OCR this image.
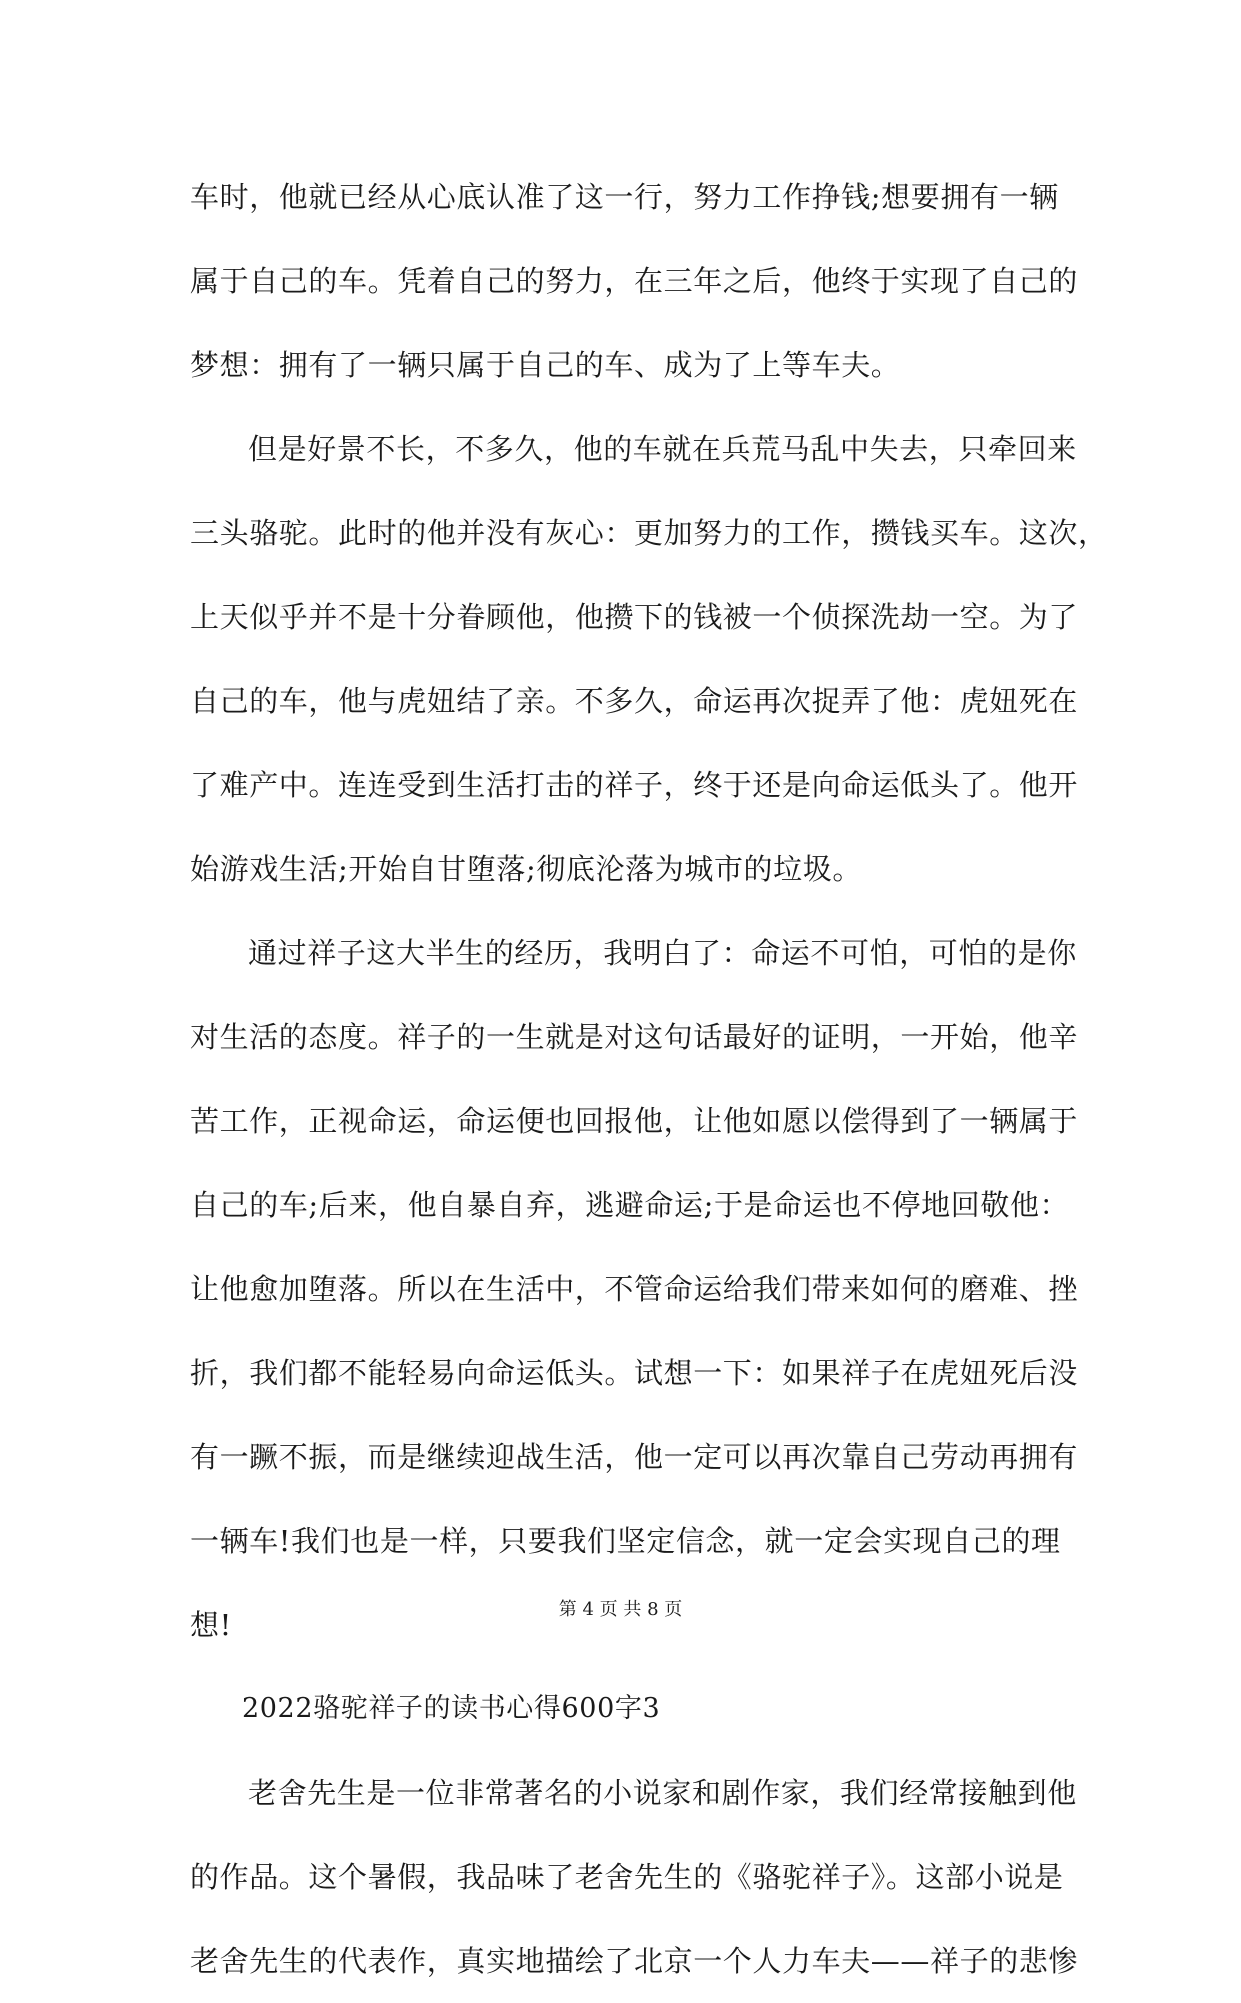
车时，他就已经从心底认准了这一行，努力工作挣钱;想要拥有一辆
属于自己的车。凭着自己的努力，在三年之后，他终于实现了自己的
梦想：拥有了一辆只属于自己的车、成为了上等车夫。
但是好景不长，不多久，他的车就在兵荒马乱中失去，只牵回来
三头骆驼。此时的他并没有灰心：更加努力的工作，攒钱买车。这次，
上天似乎并不是十分眷顾他，他攒下的钱被一个侦探洗劫一空。为了
自己的车，他与虎妞结了亲。不多久，命运再次捉弄了他：虎妞死在
了难产中。连连受到生活打击的祥子，终于还是向命运低头了。他开
始游戏生活;开始自甘堕落;彻底沦落为城市的垃圾。
通过祥子这大半生的经历，我明白了：命运不可怕，可怕的是你
对生活的态度。祥子的一生就是对这句话最好的证明，一开始，他辛
苦工作，正视命运，命运便也回报他，让他如愿以偿得到了一辆属于
自己的车;后来，他自暴自弃，逃避命运;于是命运也不停地回敬他：
让他愈加堕落。所以在生活中，不管命运给我们带来如何的磨难、挫
折，我们都不能轻易向命运低头。试想一下：如果祥子在虎妞死后没
有一蹶不振，而是继续迎战生活，他一定可以再次靠自己劳动再拥有
一辆车!我们也是一样，只要我们坚定信念，就一定会实现自己的理
想!
2022骆驼祥子的读书心得600字3
老舍先生是一位非常著名的小说家和剧作家，我们经常接触到他
的作品。这个暑假，我品味了老舍先生的《骆驼祥子》。这部小说是
老舍先生的代表作，真实地描绘了北京一个人力车夫——祥子的悲惨
第 4 页 共 8 页
